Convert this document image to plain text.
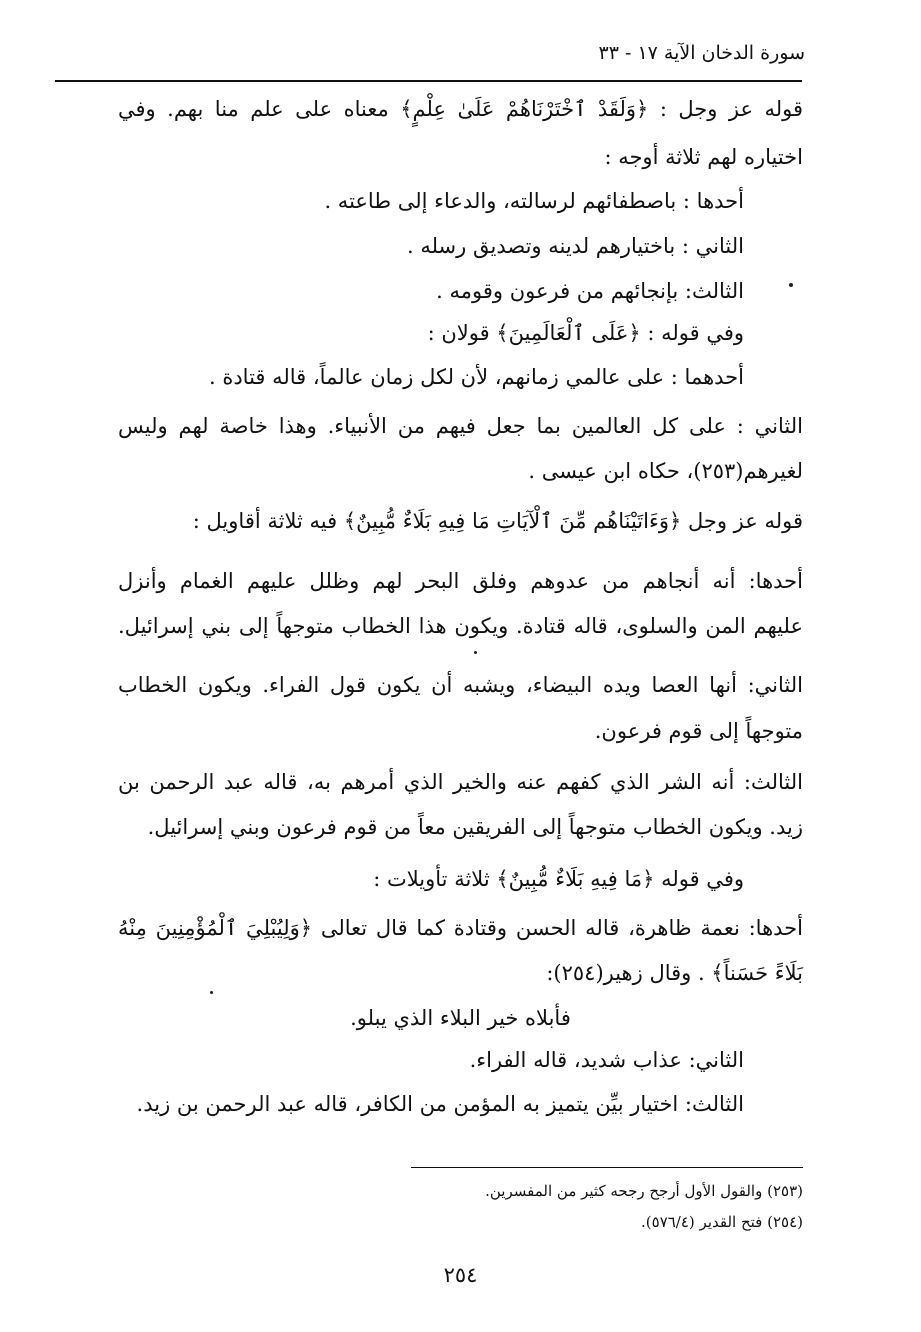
سورة الدخان الآية ١٧ - ٣٣
قوله عز وجل : ﴿وَلَقَدْ ٱخْتَرْنَاهُمْ عَلَىٰ عِلْمٍ﴾ معناه على علم منا بهم. وفي
اختياره لهم ثلاثة أوجه :
أحدها : باصطفائهم لرسالته، والدعاء إلى طاعته .
الثاني : باختيارهم لدينه وتصديق رسله .
الثالث: بإنجائهم من فرعون وقومه .
وفي قوله : ﴿عَلَى ٱلْعَالَمِينَ﴾ قولان :
أحدهما : على عالمي زمانهم، لأن لكل زمان عالماً، قاله قتادة .
الثاني : على كل العالمين بما جعل فيهم من الأنبياء. وهذا خاصة لهم وليس
لغيرهم(٢٥٣)، حكاه ابن عيسى .
قوله عز وجل ﴿وَءَاتَيْنَاهُم مِّنَ ٱلْآيَاتِ مَا فِيهِ بَلَاءٌ مُّبِينٌ﴾ فيه ثلاثة أقاويل :
أحدها: أنه أنجاهم من عدوهم وفلق البحر لهم وظلل عليهم الغمام وأنزل
عليهم المن والسلوى، قاله قتادة. ويكون هذا الخطاب متوجهاً إلى بني إسرائيل.
الثاني: أنها العصا ويده البيضاء، ويشبه أن يكون قول الفراء. ويكون الخطاب
متوجهاً إلى قوم فرعون.
الثالث: أنه الشر الذي كفهم عنه والخير الذي أمرهم به، قاله عبد الرحمن بن
زيد. ويكون الخطاب متوجهاً إلى الفريقين معاً من قوم فرعون وبني إسرائيل.
وفي قوله ﴿مَا فِيهِ بَلَاءٌ مُّبِينٌ﴾ ثلاثة تأويلات :
أحدها: نعمة ظاهرة، قاله الحسن وقتادة كما قال تعالى ﴿وَلِيُبْلِيَ ٱلْمُؤْمِنِينَ مِنْهُ
بَلَاءً حَسَناً﴾ . وقال زهير(٢٥٤):
فأبلاه خير البلاء الذي يبلو.
الثاني: عذاب شديد، قاله الفراء.
الثالث: اختيار بيِّن يتميز به المؤمن من الكافر، قاله عبد الرحمن بن زيد.
(٢٥٣) والقول الأول أرجح رجحه كثير من المفسرين.
(٢٥٤) فتح القدير (٥٧٦/٤).
٢٥٤
